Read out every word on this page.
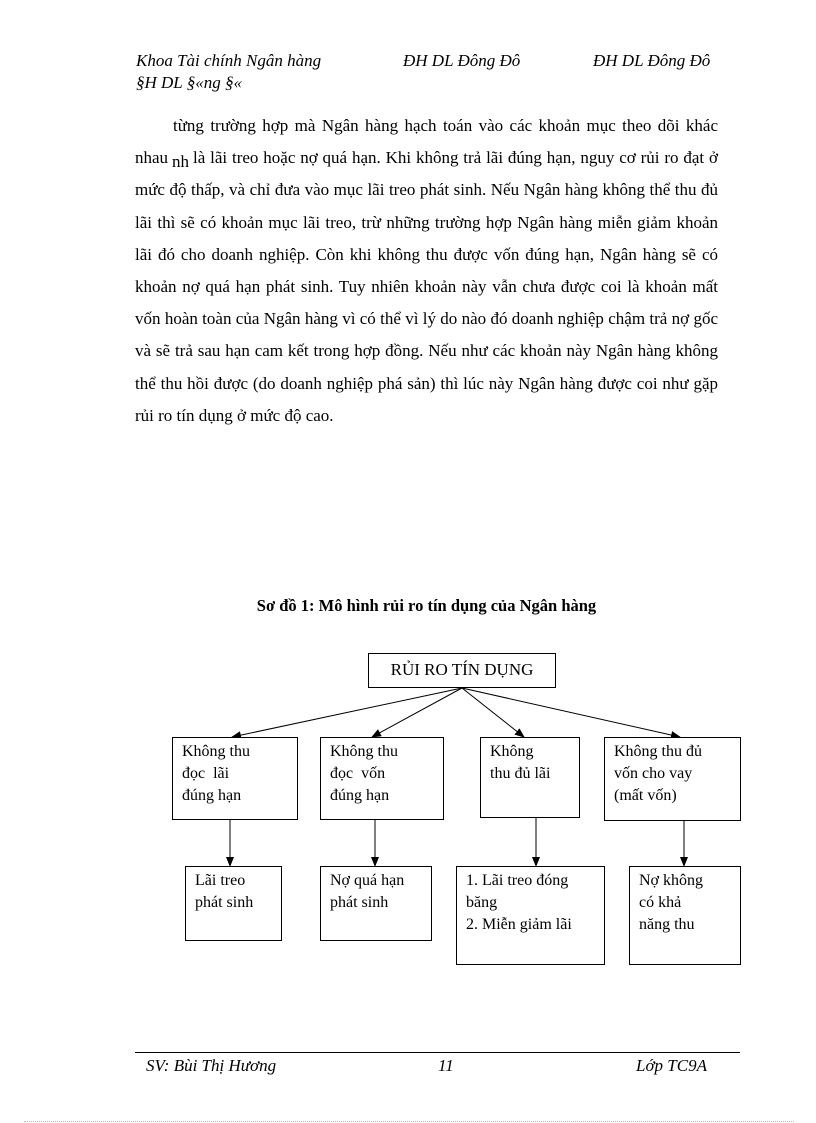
Khoa Tài chính Ngân hàng	ĐH DL Đông Đô	ĐH DL Đông Đô
§H DL §«ng §«
từng trường hợp mà Ngân hàng hạch toán vào các khoản mục theo dõi khác nhau nh là lãi treo hoặc nợ quá hạn. Khi không trả lãi đúng hạn, nguy cơ rủi ro đạt ở mức độ thấp, và chỉ đưa vào mục lãi treo phát sinh. Nếu Ngân hàng không thể thu đủ lãi thì sẽ có khoản mục lãi treo, trừ những trường hợp Ngân hàng miễn giảm khoản lãi đó cho doanh nghiệp. Còn khi không thu được vốn đúng hạn, Ngân hàng sẽ có khoản nợ quá hạn phát sinh. Tuy nhiên khoản này vẫn chưa được coi là khoản mất vốn hoàn toàn của Ngân hàng vì có thể vì lý do nào đó doanh nghiệp chậm trả nợ gốc và sẽ trả sau hạn cam kết trong hợp đồng. Nếu như các khoản này Ngân hàng không thể thu hồi được (do doanh nghiệp phá sản) thì lúc này Ngân hàng được coi như gặp rủi ro tín dụng ở mức độ cao.
Sơ đồ 1: Mô hình rủi ro tín dụng của Ngân hàng
RỦI RO TÍN DỤNG
Không thu
đọc  lãi
đúng hạn
Không thu
đọc  vốn
đúng hạn
Không
thu đủ lãi
Không thu đủ
vốn cho vay
(mất vốn)
Lãi treo
phát sinh
Nợ quá hạn
phát sinh
1. Lãi treo đóng
băng
2. Miễn giảm lãi
Nợ không
có khả
năng thu
SV: Bùi Thị Hương	11	Lớp TC9A
